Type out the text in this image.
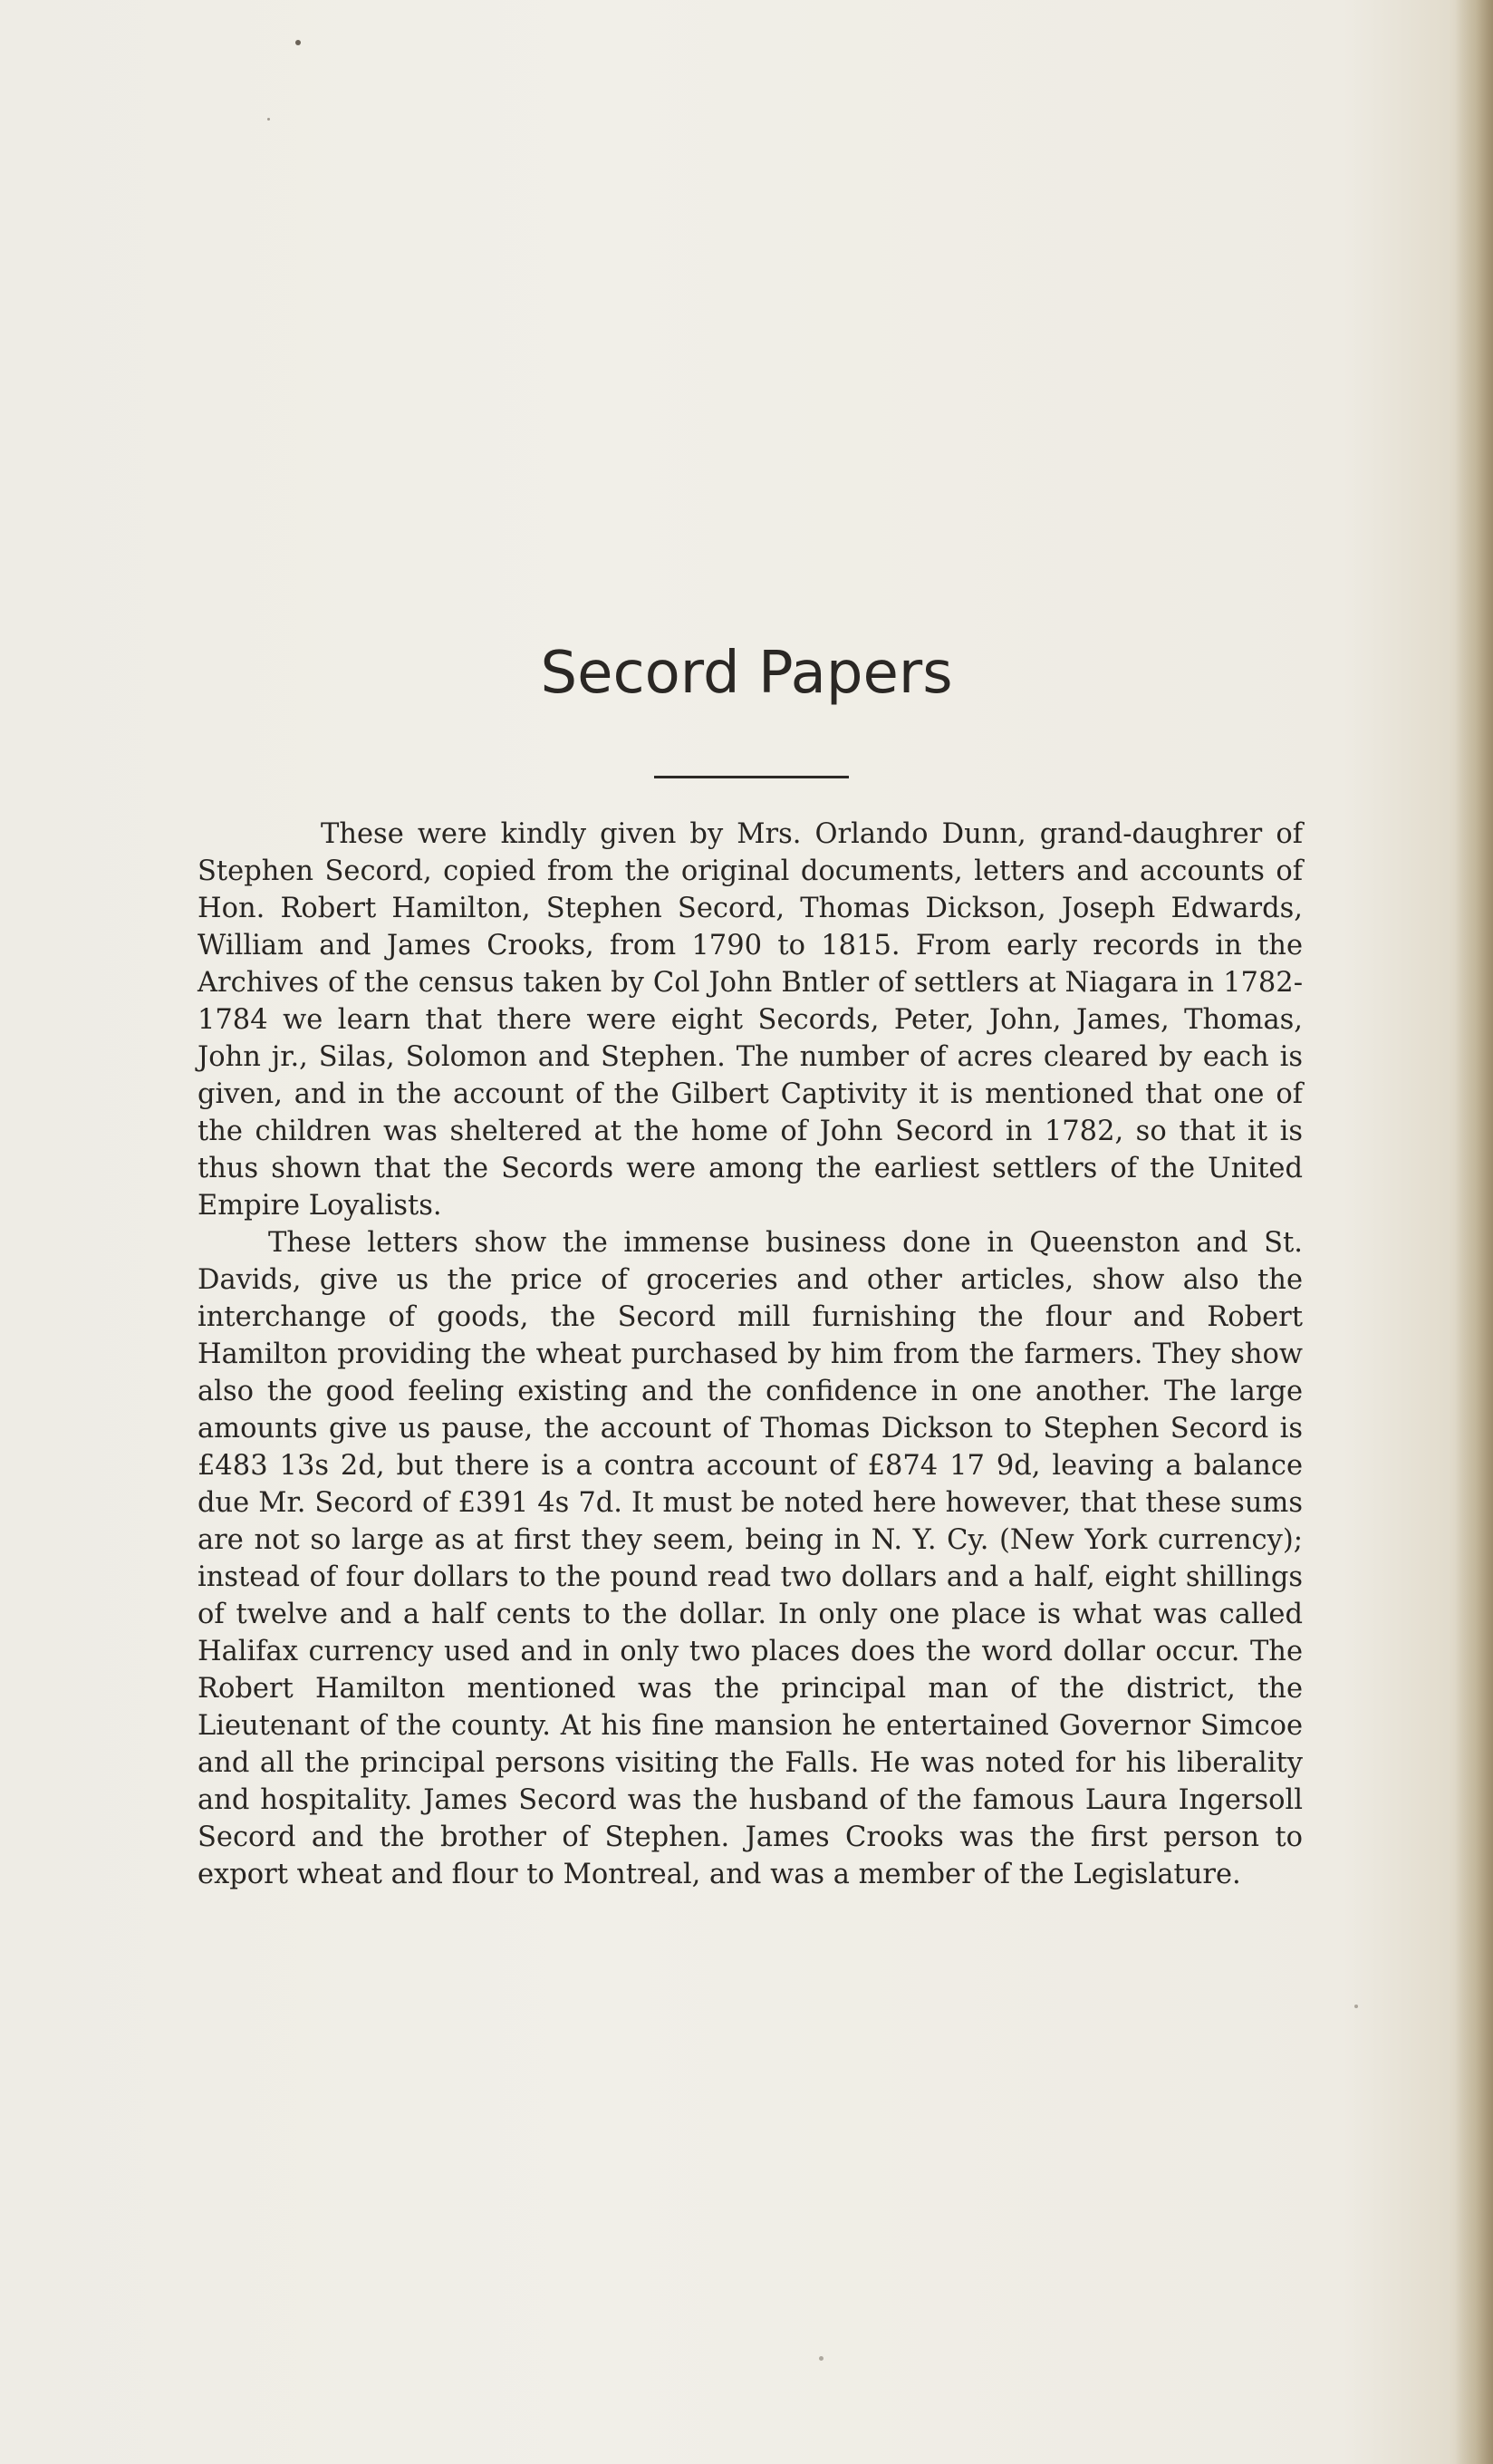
Secord Papers

These were kindly given by Mrs. Orlando Dunn, grand-daughrer of Stephen Secord, copied from the original documents, letters and accounts of Hon. Robert Hamilton, Stephen Secord, Thomas Dickson, Joseph Edwards, William and James Crooks, from 1790 to 1815. From early records in the Archives of the census taken by Col John Bntler of settlers at Niagara in 1782-1784 we learn that there were eight Secords, Peter, John, James, Thomas, John jr., Silas, Solomon and Stephen. The number of acres cleared by each is given, and in the account of the Gilbert Captivity it is mentioned that one of the children was sheltered at the home of John Secord in 1782, so that it is thus shown that the Secords were among the earliest settlers of the United Empire Loyalists.

These letters show the immense business done in Queenston and St. Davids, give us the price of groceries and other articles, show also the interchange of goods, the Secord mill furnishing the flour and Robert Hamilton providing the wheat purchased by him from the farmers. They show also the good feeling existing and the confidence in one another. The large amounts give us pause, the account of Thomas Dickson to Stephen Secord is £483 13s 2d, but there is a contra account of £874 17 9d, leaving a balance due Mr. Secord of £391 4s 7d. It must be noted here however, that these sums are not so large as at first they seem, being in N. Y. Cy. (New York currency); instead of four dollars to the pound read two dollars and a half, eight shillings of twelve and a half cents to the dollar. In only one place is what was called Halifax currency used and in only two places does the word dollar occur. The Robert Hamilton mentioned was the principal man of the district, the Lieutenant of the county. At his fine mansion he entertained Governor Simcoe and all the principal persons visiting the Falls. He was noted for his liberality and hospitality. James Secord was the husband of the famous Laura Ingersoll Secord and the brother of Stephen. James Crooks was the first person to export wheat and flour to Montreal, and was a member of the Legislature.
